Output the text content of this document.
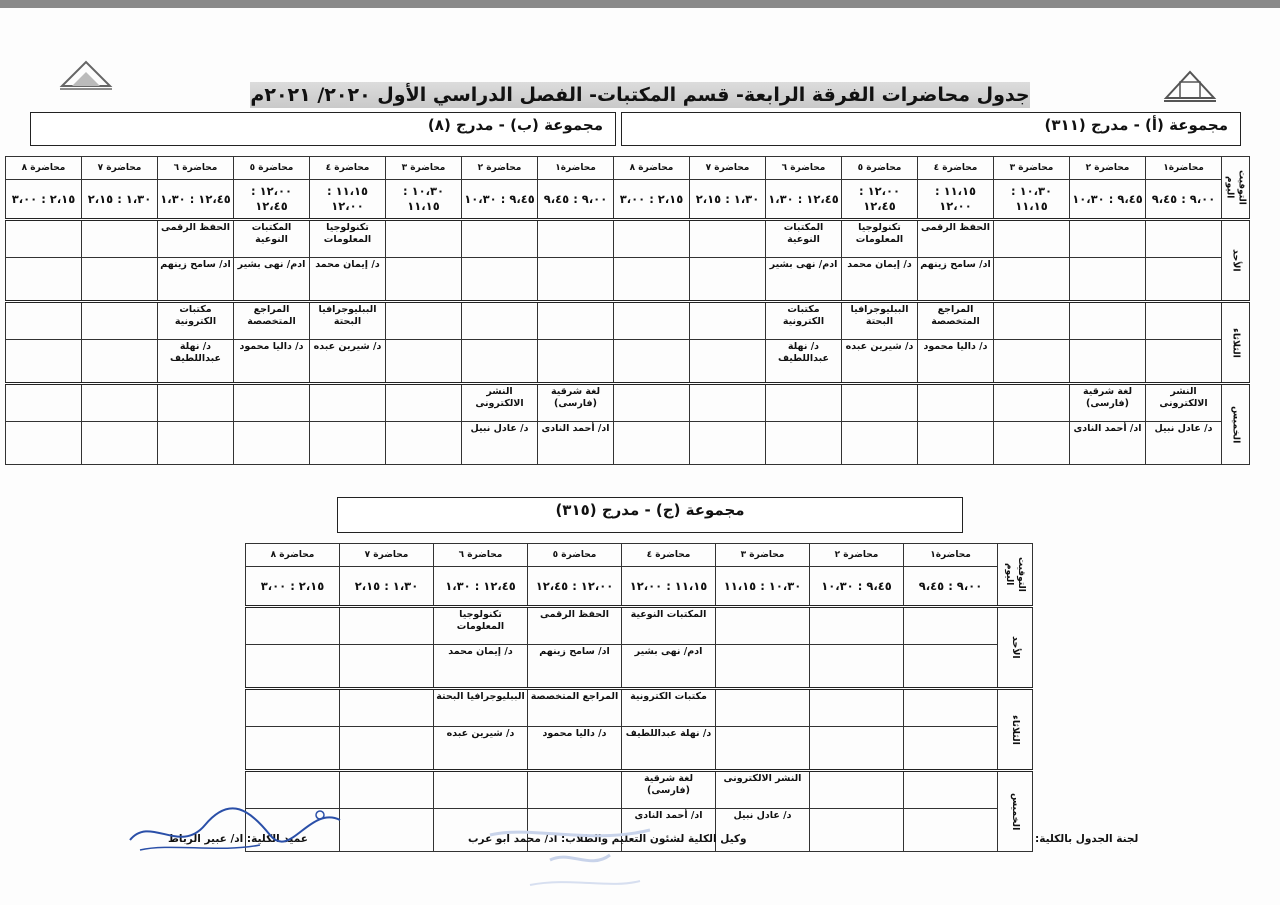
جدول محاضرات الفرقة الرابعة- قسم المكتبات- الفصل الدراسي الأول ٢٠٢٠/ ٢٠٢١م
مجموعة (أ) - مدرج (٣١١)
مجموعة (ب) - مدرج (٨)
مجموعة (ج) - مدرج (٣١٥)
التوقيت اليوم	محاضرة١	محاضرة ٢	محاضرة ٣	محاضرة ٤	محاضرة ٥	محاضرة ٦	محاضرة ٧	محاضرة ٨	محاضرة١	محاضرة ٢	محاضرة ٣	محاضرة ٤	محاضرة ٥	محاضرة ٦	محاضرة ٧	محاضرة ٨
	٩،٠٠ : ٩،٤٥	٩،٤٥ : ١٠،٣٠	١٠،٣٠ : ١١،١٥	١١،١٥ : ١٢،٠٠	١٢،٠٠ : ١٢،٤٥	١٢،٤٥ : ١،٣٠	١،٣٠ : ٢،١٥	٢،١٥ : ٣،٠٠	٩،٠٠ : ٩،٤٥	٩،٤٥ : ١٠،٣٠	١٠،٣٠ : ١١،١٥	١١،١٥ : ١٢،٠٠	١٢،٠٠ : ١٢،٤٥	١٢،٤٥ : ١،٣٠	١،٣٠ : ٢،١٥	٢،١٥ : ٣،٠٠
الأحد				الحفظ الرقمى	تكنولوجيا المعلومات	المكتبات النوعية						تكنولوجيا المعلومات	المكتبات النوعية	الحفظ الرقمى		
				اد/ سامح زينهم	د/ إيمان محمد	ادم/ نهى بشير						د/ إيمان محمد	ادم/ نهى بشير	اد/ سامح زينهم		
الثلاثاء				المراجع المتخصصة	الببليوجرافيا البحتة	مكتبات الكترونية						الببليوجرافيا البحتة	المراجع المتخصصة	مكتبات الكترونية		
				د/ داليا محمود	د/ شيرين عبده	د/ نهلة عبداللطيف						د/ شيرين عبده	د/ داليا محمود	د/ نهلة عبداللطيف		
الخميس	النشر الالكترونى	لغة شرقية (فارسى)							لغة شرقية (فارسى)	النشر الالكترونى						
	د/ عادل نبيل	اد/ أحمد النادى							اد/ أحمد النادى	د/ عادل نبيل						
التوقيت اليوم	محاضرة١	محاضرة ٢	محاضرة ٣	محاضرة ٤	محاضرة ٥	محاضرة ٦	محاضرة ٧	محاضرة ٨
	٩،٠٠ : ٩،٤٥	٩،٤٥ : ١٠،٣٠	١٠،٣٠ : ١١،١٥	١١،١٥ : ١٢،٠٠	١٢،٠٠ : ١٢،٤٥	١٢،٤٥ : ١،٣٠	١،٣٠ : ٢،١٥	٢،١٥ : ٣،٠٠
الأحد				المكتبات النوعية	الحفظ الرقمى	تكنولوجيا المعلومات		
				ادم/ نهى بشير	اد/ سامح زينهم	د/ إيمان محمد		
الثلاثاء				مكتبات الكترونية	المراجع المتخصصة	الببليوجرافيا البحتة		
				د/ نهلة عبداللطيف	د/ داليا محمود	د/ شيرين عبده		
الخميس			النشر الالكترونى	لغة شرقية (فارسى)				
			د/ عادل نبيل	اد/ أحمد النادى				
لجنة الجدول بالكلية:
وكيل الكلية لشئون التعليم والطلاب: اد/ محمد ابو عرب
عميد الكلية: اد/ عبير الرباط
